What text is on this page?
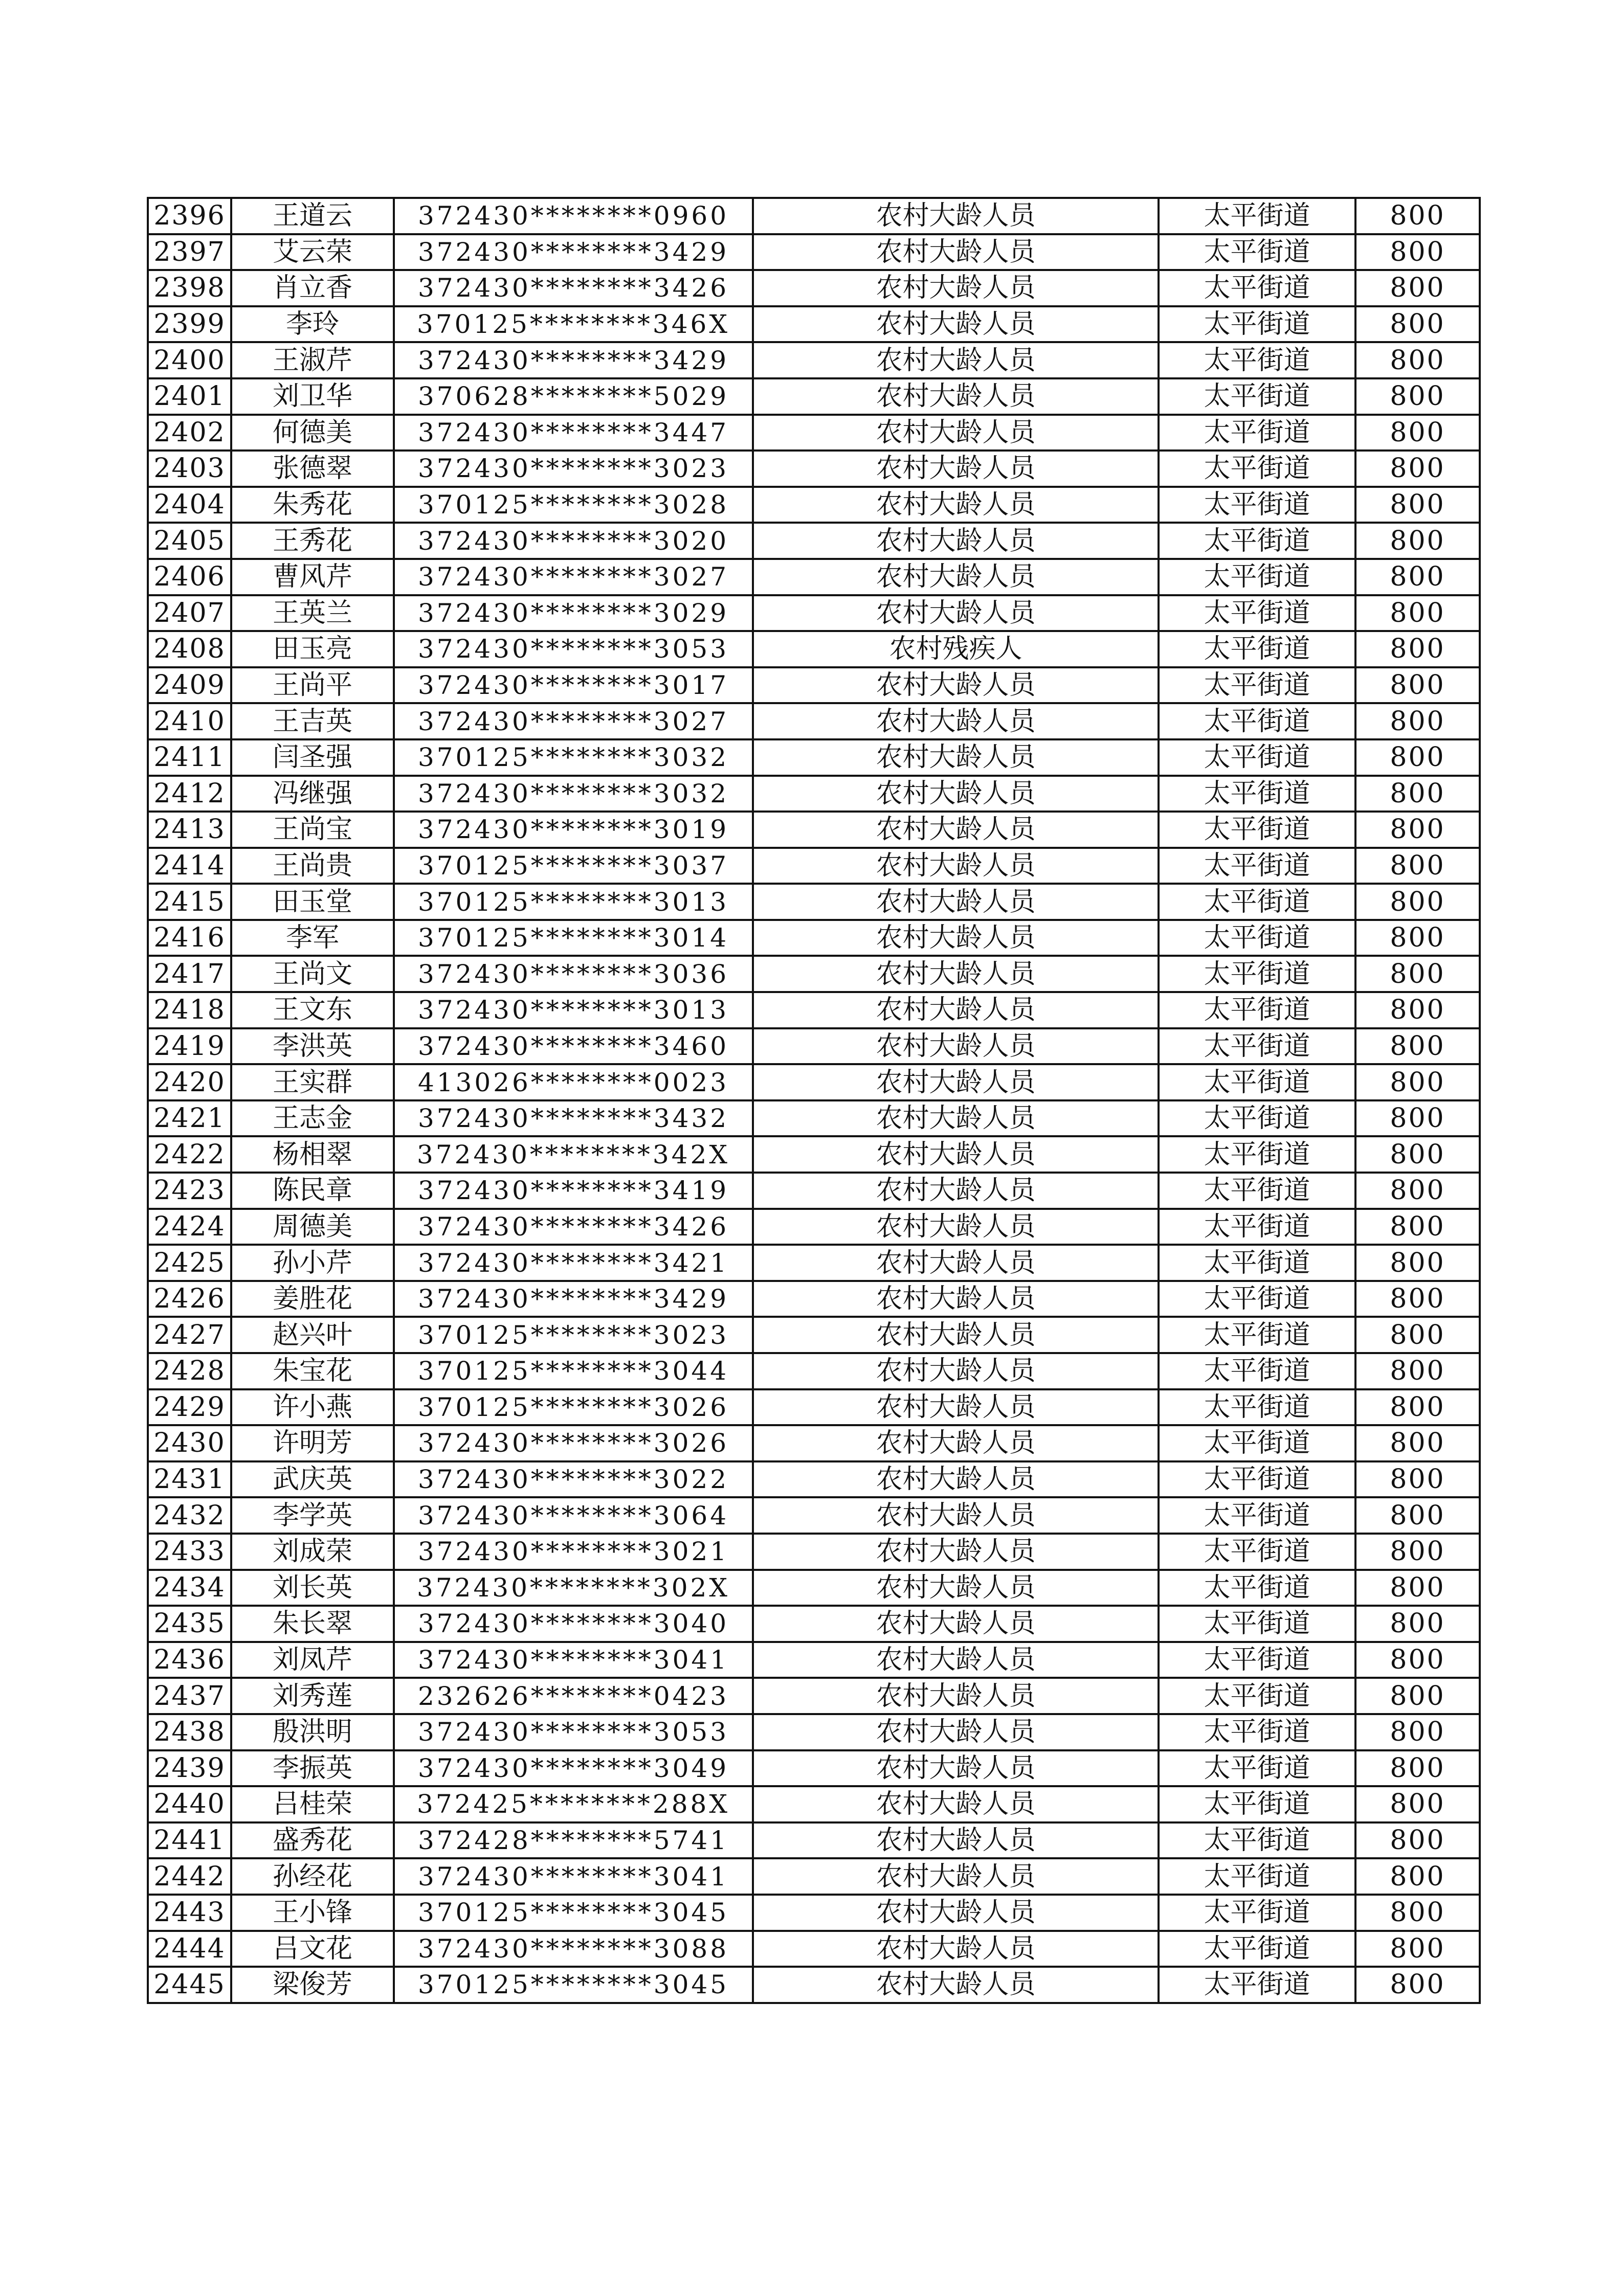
2396	王道云	372430********0960	农村大龄人员	太平街道	800
2397	艾云荣	372430********3429	农村大龄人员	太平街道	800
2398	肖立香	372430********3426	农村大龄人员	太平街道	800
2399	李玲	370125********346X	农村大龄人员	太平街道	800
2400	王淑芹	372430********3429	农村大龄人员	太平街道	800
2401	刘卫华	370628********5029	农村大龄人员	太平街道	800
2402	何德美	372430********3447	农村大龄人员	太平街道	800
2403	张德翠	372430********3023	农村大龄人员	太平街道	800
2404	朱秀花	370125********3028	农村大龄人员	太平街道	800
2405	王秀花	372430********3020	农村大龄人员	太平街道	800
2406	曹风芹	372430********3027	农村大龄人员	太平街道	800
2407	王英兰	372430********3029	农村大龄人员	太平街道	800
2408	田玉亮	372430********3053	农村残疾人	太平街道	800
2409	王尚平	372430********3017	农村大龄人员	太平街道	800
2410	王吉英	372430********3027	农村大龄人员	太平街道	800
2411	闫圣强	370125********3032	农村大龄人员	太平街道	800
2412	冯继强	372430********3032	农村大龄人员	太平街道	800
2413	王尚宝	372430********3019	农村大龄人员	太平街道	800
2414	王尚贵	370125********3037	农村大龄人员	太平街道	800
2415	田玉堂	370125********3013	农村大龄人员	太平街道	800
2416	李军	370125********3014	农村大龄人员	太平街道	800
2417	王尚文	372430********3036	农村大龄人员	太平街道	800
2418	王文东	372430********3013	农村大龄人员	太平街道	800
2419	李洪英	372430********3460	农村大龄人员	太平街道	800
2420	王实群	413026********0023	农村大龄人员	太平街道	800
2421	王志金	372430********3432	农村大龄人员	太平街道	800
2422	杨相翠	372430********342X	农村大龄人员	太平街道	800
2423	陈民章	372430********3419	农村大龄人员	太平街道	800
2424	周德美	372430********3426	农村大龄人员	太平街道	800
2425	孙小芹	372430********3421	农村大龄人员	太平街道	800
2426	姜胜花	372430********3429	农村大龄人员	太平街道	800
2427	赵兴叶	370125********3023	农村大龄人员	太平街道	800
2428	朱宝花	370125********3044	农村大龄人员	太平街道	800
2429	许小燕	370125********3026	农村大龄人员	太平街道	800
2430	许明芳	372430********3026	农村大龄人员	太平街道	800
2431	武庆英	372430********3022	农村大龄人员	太平街道	800
2432	李学英	372430********3064	农村大龄人员	太平街道	800
2433	刘成荣	372430********3021	农村大龄人员	太平街道	800
2434	刘长英	372430********302X	农村大龄人员	太平街道	800
2435	朱长翠	372430********3040	农村大龄人员	太平街道	800
2436	刘凤芹	372430********3041	农村大龄人员	太平街道	800
2437	刘秀莲	232626********0423	农村大龄人员	太平街道	800
2438	殷洪明	372430********3053	农村大龄人员	太平街道	800
2439	李振英	372430********3049	农村大龄人员	太平街道	800
2440	吕桂荣	372425********288X	农村大龄人员	太平街道	800
2441	盛秀花	372428********5741	农村大龄人员	太平街道	800
2442	孙经花	372430********3041	农村大龄人员	太平街道	800
2443	王小锋	370125********3045	农村大龄人员	太平街道	800
2444	吕文花	372430********3088	农村大龄人员	太平街道	800
2445	梁俊芳	370125********3045	农村大龄人员	太平街道	800
